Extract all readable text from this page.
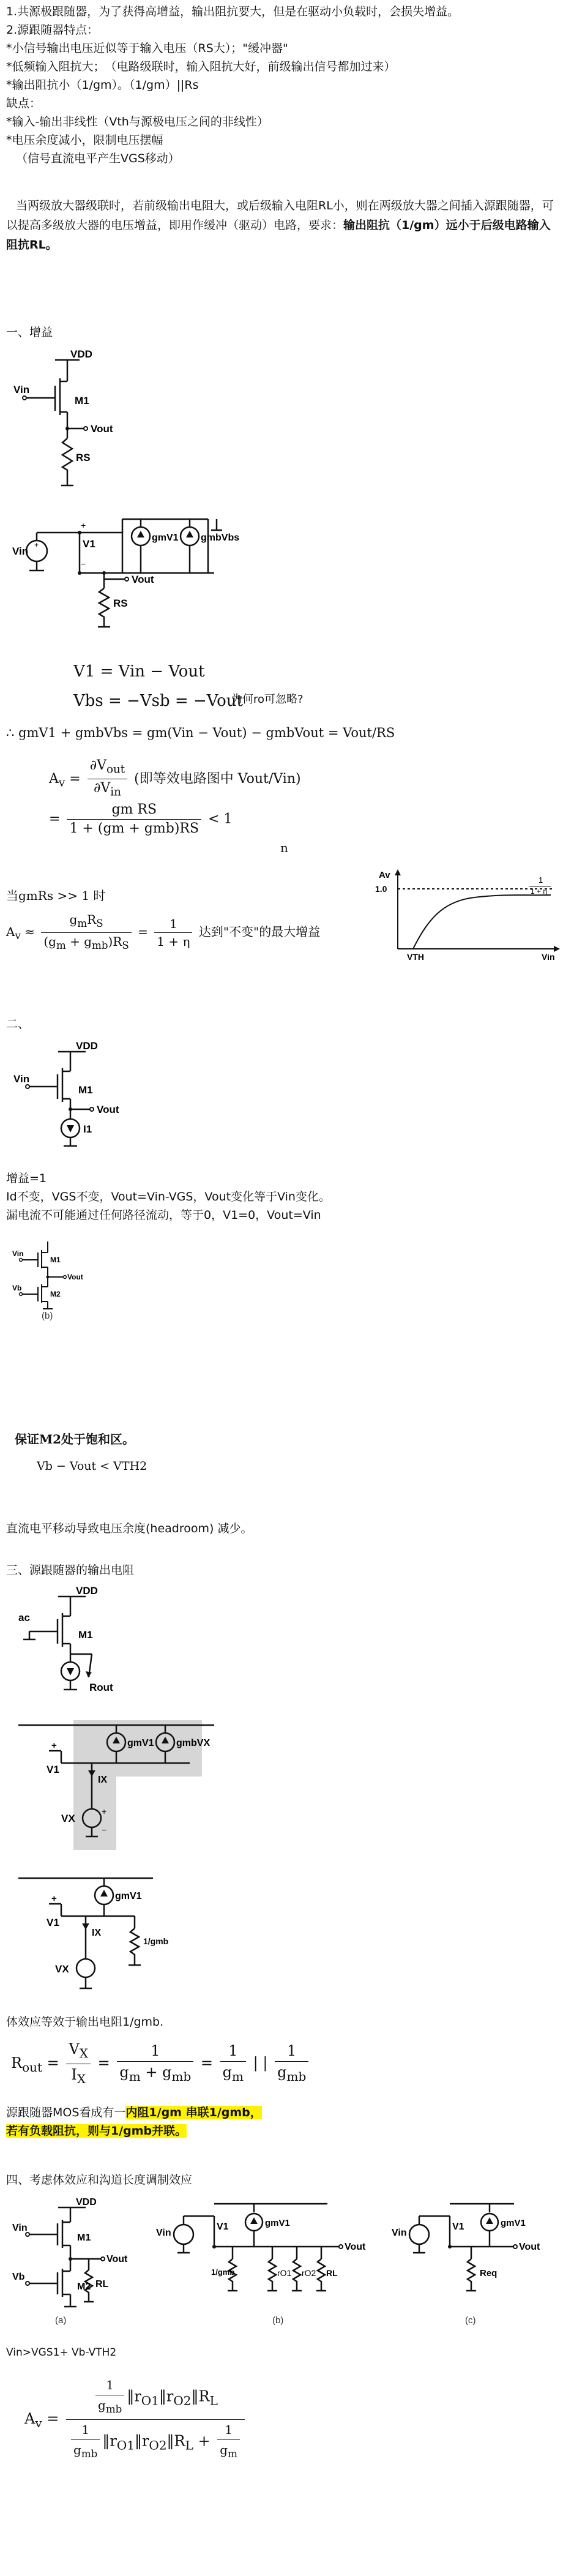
1.共源极跟随器，为了获得高增益，输出阻抗要大，但是在驱动小负载时，会损失增益。
2.源跟随器特点：
*小信号输出电压近似等于输入电压（RS大）；"缓冲器"
*低频输入阻抗大；　（电路级联时，输入阻抗大好，前级输出信号都加过来）
*输出阻抗小（1/gm）。（1/gm）||Rs
缺点：
*输入-输出非线性（Vth与源极电压之间的非线性）
*电压余度减小，限制电压摆幅
（信号直流电平产生VGS移动）
当两级放大器级联时，若前级输出电阻大，或后级输入电阻RL小，则在两级放大器之间插入源跟随器，可以提高多级放大器的电压增益，即用作缓冲（驱动）电路，要求：输出阻抗（1/gm）远小于后级电路输入阻抗RL。
一、增益
VDD
Vin
M1
Vout
RS
Vin
+	V1
+
−
gmV1 gmbVbs
Vout
RS
V1 = Vin − Vout
Vbs = −Vsb = −Vout
为何ro可忽略?
∴ gmV1 + gmbVbs = gm(Vin − Vout) − gmbVout = Vout/RS
$A_v = \frac{\partial V_{out}}{\partial V_{in}}$ (即等效电路图中 Vout/Vin)
= $\frac{\text{gm RS}}{\text{1 + (gm + gmb)RS}} < 1$
n
当gmRs >> 1 时
$A_v \approx \frac{g_mR_S}{(g_m + g_{mb})R_S} = \frac{1}{1 + \eta}$ 达到"不变"的最大增益
Av
1.0
1
1 + η
VTH	Vin
二、
VDD
Vin
M1
Vout
I1
增益=1
Id不变，VGS不变，Vout=Vin-VGS，Vout变化等于Vin变化。
漏电流不可能通过任何路径流动，等于0，V1=0，Vout=Vin
Vin
Vb
M1
M2
Vout
(b)
保证M2处于饱和区。
Vb − Vout < VTH2
直流电平移动导致电压余度(headroom) 减少。
三、源跟随器的输出电阻
ac
VDD
M1
Rout
+
V1
gmV1 gmbVX
IX
VX
+
−
+
V1
gmV1
IX
VX
1/gmb
体效应等效于输出电阻1/gmb.
$R_{out} = \frac{V_X}{I_X} = \frac{1}{g_m + g_{mb}} = \frac{1}{g_m}$ | | $\frac{1}{g_{mb}}$
源跟随器MOS看成有一内阻1/gm 串联1/gmb，
若有负载阻抗，则与1/gmb并联。
四、考虑体效应和沟道长度调制效应
VDD
Vin
Vb
M1
M2
Vout
RL
(a)
Vin
V1	gmV1
Vout
1/gmb	rO1 rO2 RL
(b)
Vin
V1	gmV1
Vout
Req
(c)
Vin>VGS1+ Vb-VTH2
$A_v = \frac{\frac{1}{g_{mb}} ‖r_{O1}‖r_{O2}‖R_L}{\frac{1}{g_{mb}} ‖r_{O1}‖r_{O2}‖R_L + \frac{1}{g_m}}$
